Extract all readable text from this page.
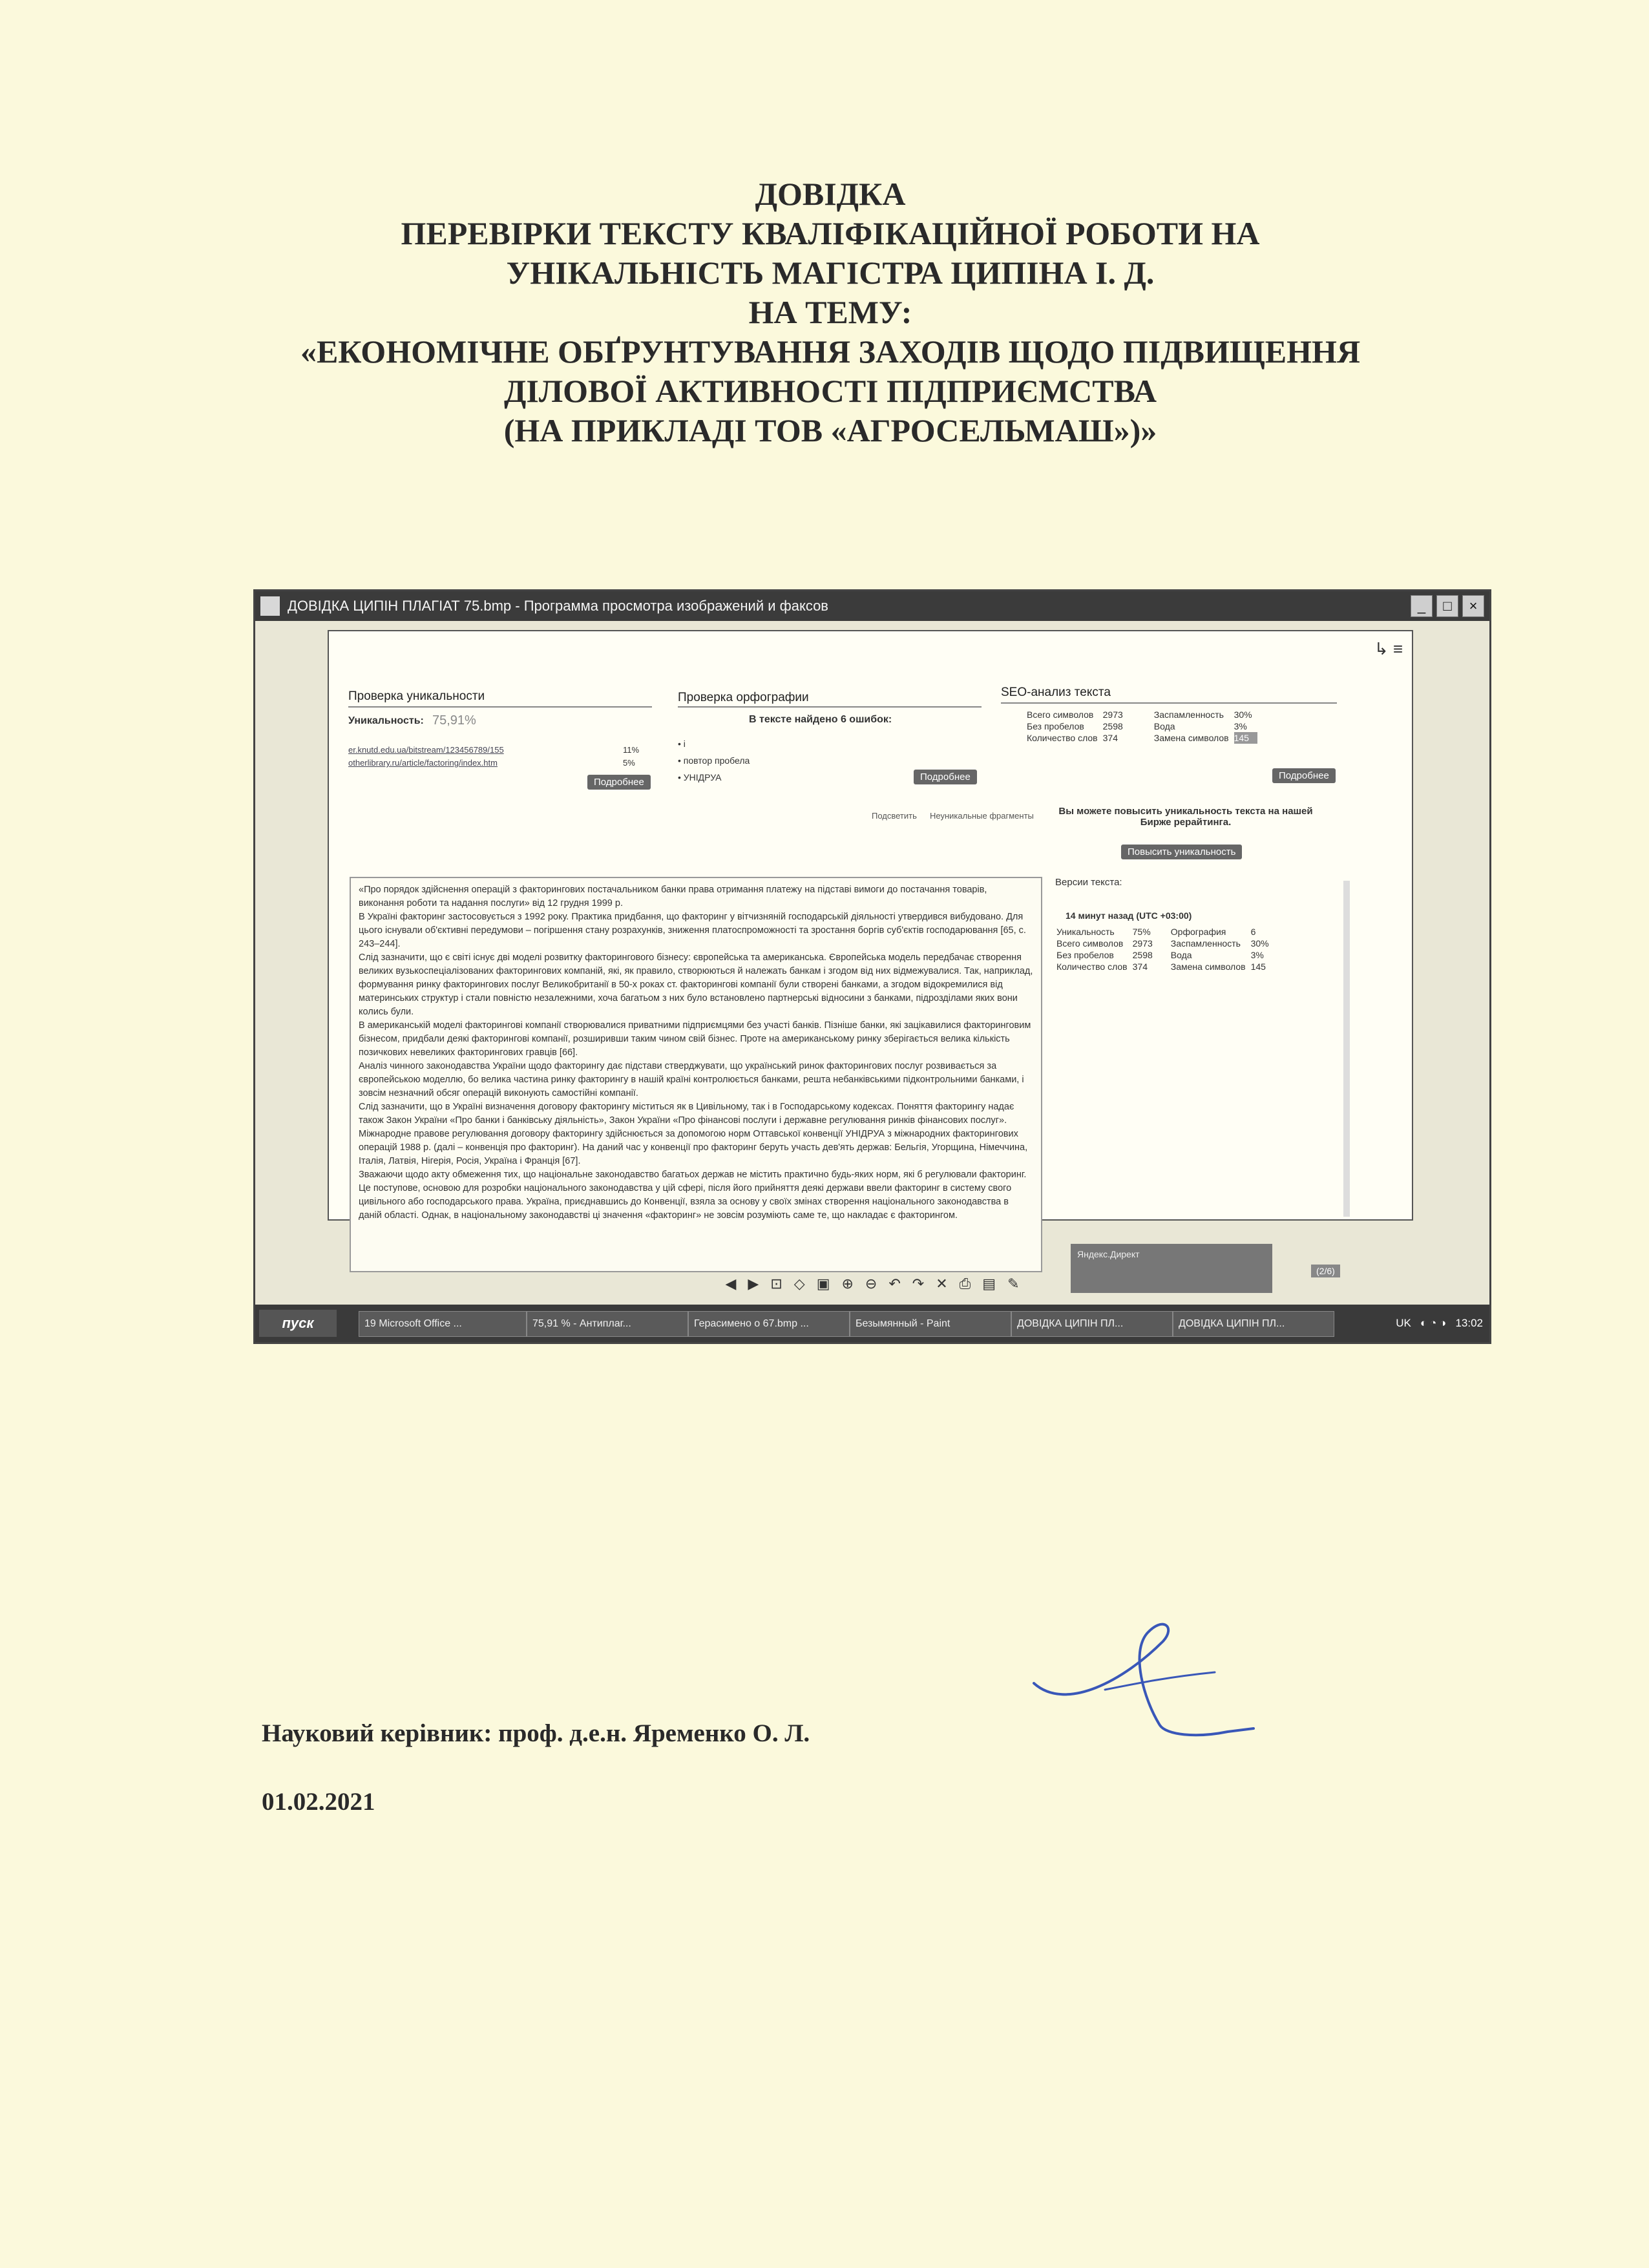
ДОВІДКА
ПЕРЕВІРКИ ТЕКСТУ КВАЛІФІКАЦІЙНОЇ РОБОТИ НА
УНІКАЛЬНІСТЬ МАГІСТРА ЦИПІНА І. Д.
НА ТЕМУ:
«ЕКОНОМІЧНЕ ОБҐРУНТУВАННЯ ЗАХОДІВ ЩОДО ПІДВИЩЕННЯ
ДІЛОВОЇ АКТИВНОСТІ ПІДПРИЄМСТВА
(НА ПРИКЛАДІ ТОВ «АГРОСЕЛЬМАШ»)»
ДОВІДКА ЦИПІН ПЛАГІАТ 75.bmp - Программа просмотра изображений и факсов	_	□	×
↳ ≡
Проверка уникальности
Уникальность: 75,91%
er.knutd.edu.ua/bitstream/123456789/155	11%
otherlibrary.ru/article/factoring/index.htm	5%
Подробнее
Проверка орфографии
В тексте найдено 6 ошибок:
• і
• повтор пробела
• УНІДРУА	Подробнее
SEO-анализ текста
Всего символов	2973	Заспамленность	30%
Без пробелов	2598	Вода	3%
Количество слов	374	Замена символов	145
Подробнее
Подсветить Неуникальные фрагменты	Вы можете повысить уникальность текста на нашей Бирже рерайтинга.
Повысить уникальность
Версии текста:
14 минут назад (UTC +03:00)
Уникальность	75%	Орфография	6
Всего символов	2973	Заспамленность	30%
Без пробелов	2598	Вода	3%
Количество слов	374	Замена символов	145

«Про порядок здійснення операцій з факторингових постачальником банки права отримання платежу на підставі вимоги до постачання товарів, виконання роботи та надання послуги» від 12 грудня 1999 р.

В Україні факторинг застосовується з 1992 року. Практика придбання, що факторинг у вітчизняній господарській діяльності утвердився вибудовано. Для цього існували об'єктивні передумови – погіршення стану розрахунків, зниження платоспроможності та зростання боргів суб'єктів господарювання [65, с. 243–244].

Слід зазначити, що є світі існує дві моделі розвитку факторингового бізнесу: європейська та американська. Європейська модель передбачає створення великих вузькоспеціалізованих факторингових компаній, які, як правило, створюються й належать банкам і згодом від них відмежувалися. Так, наприклад, формування ринку факторингових послуг Великобританії в 50-х роках ст. факторингові компанії були створені банками, а згодом відокремилися від материнських структур і стали повністю незалежними, хоча багатьом з них було встановлено партнерські відносини з банками, підрозділами яких вони колись були.

В американській моделі факторингові компанії створювалися приватними підприємцями без участі банків. Пізніше банки, які зацікавилися факторинговим бізнесом, придбали деякі факторингові компанії, розширивши таким чином свій бізнес. Проте на американському ринку зберігається велика кількість позичкових невеликих факторингових гравців [66].

Аналіз чинного законодавства України щодо факторингу дає підстави стверджувати, що український ринок факторингових послуг розвивається за європейською моделлю, бо велика частина ринку факторингу в нашій країні контролюється банками, решта небанківськими підконтрольними банками, і зовсім незначний обсяг операцій виконують самостійні компанії.

Слід зазначити, що в Україні визначення договору факторингу міститься як в Цивільному, так і в Господарському кодексах. Поняття факторингу надає також Закон України «Про банки і банківську діяльність», Закон України «Про фінансові послуги і державне регулювання ринків фінансових послуг».

Міжнародне правове регулювання договору факторингу здійснюється за допомогою норм Оттавської конвенції УНІДРУА з міжнародних факторингових операцій 1988 р. (далі – конвенція про факторинг). На даний час у конвенції про факторинг беруть участь дев'ять держав: Бельгія, Угорщина, Німеччина, Італія, Латвія, Нігерія, Росія, Україна і Франція [67].

Зважаючи щодо акту обмеження тих, що національне законодавство багатьох держав не містить практично будь-яких норм, які б регулювали факторинг. Це поступове, основою для розробки національного законодавства у цій сфері, після його прийняття деякі держави ввели факторинг в систему свого цивільного або господарського права. Україна, приєднавшись до Конвенції, взяла за основу у своїх змінах створення національного законодавства в даній області. Однак, в національному законодавстві ці значення «факторинг» не зовсім розуміють саме те, що накладає є факторингом.

Яндекс.Директ
(2/6)
◀ ▶ ⊡ ◇ ▣ ⊕ ⊖ ↶ ↷ ✕ ⎙ ▤ ✎
пуск	19 Microsoft Office ...	75,91 % - Антиплаг...	Герасимено о 67.bmp ...	Безымянный - Paint	ДОВІДКА ЦИПІН ПЛ...	ДОВІДКА ЦИПІН ПЛ...	UK ◐ ◔ ◑ 13:02
Науковий керівник: проф. д.е.н. Яременко О. Л.
01.02.2021
